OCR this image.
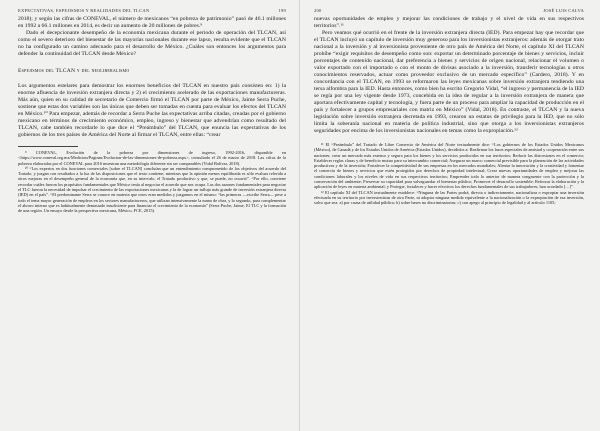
EXPECTATIVAS, ESPEJISMOS Y REALIDADES DEL TLCAN	199

2018); y según las cifras de CONEVAL, el número de mexicanos “en pobreza de patrimonio” pasó de 46.1 millones en 1992 a 66.1 millones en 2014, es decir un aumento de 20 millones de pobres.⁹

Dado el decepcionante desempeño de la economía mexicana durante el periodo de operación del TLCAN, así como el severo deterioro del bienestar de las mayorías nacionales durante ese lapso, resulta evidente que el TLCAN no ha configurado un camino adecuado para el desarrollo de México. ¿Cuáles son entonces los argumentos para defender la continuidad del TLCAN desde México?

Espejismos del TLCAN y del neoliberalismo

Los argumentos estelares para demostrar los enormes beneficios del TLCAN en nuestro país consisten en: 1) la enorme afluencia de inversión extranjera directa y 2) el crecimiento acelerado de las exportaciones manufactureras. Más aún, quien en su calidad de secretario de Comercio firmó el TLCAN por parte de México, Jaime Serra Puche, sostiene que estas dos variables son las únicas que deben ser tomadas en cuenta para evaluar los efectos del TLCAN en México.¹⁰ Para empezar, además de recordar a Serra Puche las expectativas arriba citadas, creadas por el gobierno mexicano en términos de crecimiento económico, empleo, ingreso y bienestar que advendrían como resultado del TLCAN, cabe también recordarle lo que dice el “Preámbulo” del TLCAN, que enuncia las expectativas de los gobiernos de los tres países de América del Norte al firmar el TLCAN, entre ellas: “crear

⁹ CONEVAL, Evolución de la pobreza por dimensiones de ingreso, 1992-2016, disponible en <https://www.coneval.org.mx/Medicion/Paginas/Evolucion-de-las-dimensiones-de-pobreza.aspx>, consultado el 26 de marzo de 2018. Las cifras de la pobreza elaboradas por el CONEVAL para 2016 muestran una metodología diferente sin ser comparables (Vidal Bolívar, 2018).

¹⁰ “Los expertos en dos funciones comerciales [sobre el TLCAN] concluían que un entendimiento comprometido de los objetivos del acuerdo del Tratado, y juzgan con resultados a la luz de las disposiciones que el texto contiene, mientras que la opinión menos equilibrada es sólo evaluar referida a otros mejoras en el desempeño general de la economía que, en su intervalo, el Tratado productivo y que, se puede, no ocurrió”. “Por ello, conviene recordar cuáles fueron los propósitos fundamentales que México tenía al negociar el acuerdo que nos ocupa. Las dos razones fundamentales para negociar el TLC fueron la necesidad de impulsar el crecimiento de las exportaciones mexicanas y la de lograr un influjo más grande de inversión extranjera directa (IED) en el país”. “El predominante Serra se conoce en materia que otros eran medidos y juzgamos en el mismo: “las primeras —escribe Serra— pese a todo el tema mayor generación de empleos en los sectores manufactureros, que utilizan intensivamente la mano de obra, y lo segundo, para complementar el ahorro interno que es habitualmente demasiado insuficiente para financiar el crecimiento de la economía” (Serra Puche, Jaime, El TLC y la formación de una región. Un ensayo desde la perspectiva mexicana, México, FCE, 2015).

200	JOSÉ LUIS CALVA

nuevas oportunidades de empleo y mejorar las condiciones de trabajo y el nivel de vida en sus respectivos territorios”.¹¹

Pero veamos qué ocurrió en el frente de la inversión extranjera directa (IED). Para empezar hay que recordar que el TLCAN incluyó un capítulo de inversión muy generoso para los inversionistas extranjeros: además de otorgar trato nacional a la inversión y al inversionista proveniente de otro país de América del Norte, el capítulo XI del TLCAN prohíbe “exigir requisitos de desempeño como son: exportar un determinado porcentaje de bienes y servicios, incluir porcentajes de contenido nacional, dar preferencia a bienes y servicios de origen nacional, relacionar el volumen o valor exportado con el importado o con el monto de divisas asociado a la inversión, transferir tecnologías u otros conocimientos reservados, actuar como proveedor exclusivo de un mercado específico” (Cardero, 2018). Y en concordancia con el TLCAN, en 1993 se reformaron las leyes mexicanas sobre inversión extranjera tendiendo una tersa alfombra para la IED. Hasta entonces, como bien ha escrito Gregorio Vidal, “el ingreso y permanencia de la IED se regía por una ley vigente desde 1973, concebida en la idea de regular a la inversión extranjera de manera que aportara efectivamente capital y tecnología, y fuera parte de un proceso para ampliar la capacidad de producción en el país y fortalecer a grupos empresariales con matriz en México” (Vidal, 2018). En contraste, el TLCAN y la nueva legislación sobre inversión extranjera decretada en 1993, crearon un estatus de privilegio para la IED, que no sólo limita la soberanía nacional en materia de política industrial, sino que otorga a los inversionistas extranjeros seguridades por encima de los inversionistas nacionales en temas como la expropiación.¹²

¹¹ El “Preámbulo” del Tratado de Libre Comercio de América del Norte textualmente dice: “Los gobiernos de los Estados Unidos Mexicanos (México), de Canadá y de los Estados Unidos de América (Estados Unidos), decididos a: Reafirmar los lazos especiales de amistad y cooperación entre sus naciones; crear un mercado más extenso y seguro para los bienes y los servicios producidos en sus territorios; Reducir las distorsiones en el comercio; Establecer reglas claras y de beneficio mutuo para su intercambio comercial; Asegurar un marco comercial previsible para la planeación de las actividades productivas y de la inversión; Fortalecer la competitividad de sus empresas en los mercados mundiales; Alentar la innovación y la creatividad y fomentar el comercio de bienes y servicios que estén protegidos por derechos de propiedad intelectual; Crear nuevas oportunidades de empleo y mejorar las condiciones laborales y los niveles de vida en sus respectivos territorios; Emprender todo lo anterior de manera congruente con la protección y la conservación del ambiente; Preservar su capacidad para salvaguardar el bienestar público; Promover el desarrollo sostenible; Reforzar la elaboración y la aplicación de leyes en materia ambiental; y Proteger, fortalecer y hacer efectivos los derechos fundamentales de sus trabajadores; han acordado […]”.

¹² El capítulo XI del TLCAN textualmente establece: “Ninguna de las Partes podrá, directa o indirectamente, nacionalizar o expropiar una inversión efectuada en su territorio por inversionistas de otra Parte, ni adoptar ninguna medida equivalente a la nacionalización o la expropiación de esa inversión, salvo que sea: a) por causa de utilidad pública; b) sobre bases no discriminatorias; c) con apego al principio de legalidad y al artículo 1105;
